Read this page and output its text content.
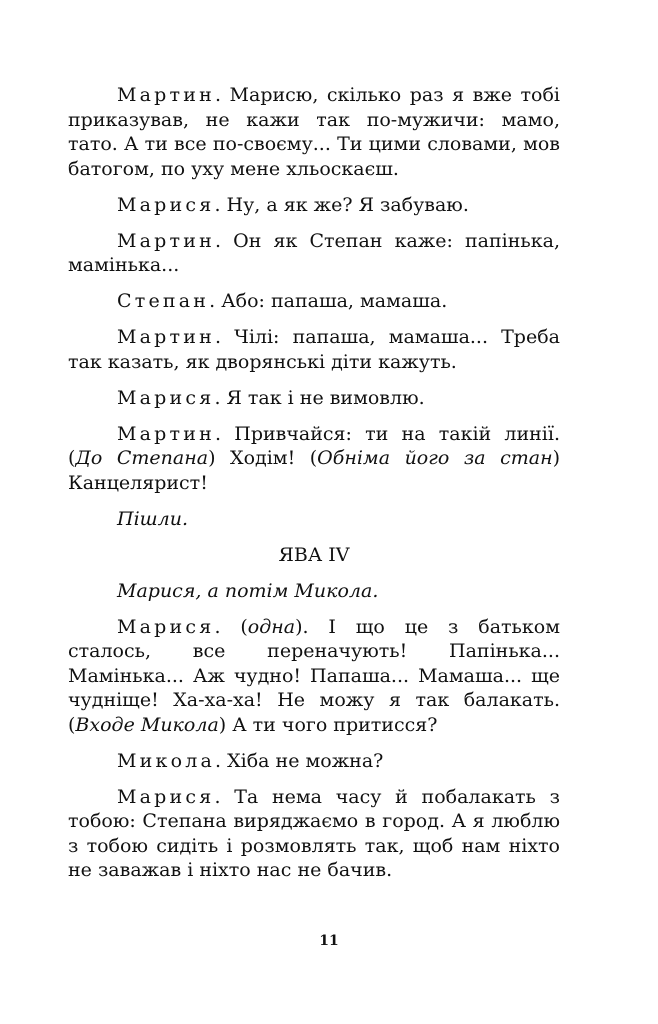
Мартин. Марисю, скілько раз я вже тобі приказував, не кажи так по-мужичи: мамо, тато. А ти все по-своєму... Ти цими словами, мов батогом, по уху мене хльоскаєш.

Марися. Ну, а як же? Я забуваю.

Мартин. Он як Степан каже: папінька, мамінька...

Степан. Або: папаша, мамаша.

Мартин. Чілі: папаша, мамаша... Треба так казать, як дворянські діти кажуть.

Марися. Я так і не вимовлю.

Мартин. Привчайся: ти на такій линії. (До Степана) Ходім! (Обніма його за стан) Канцелярист!

Пішли.

ЯВА IV

Марися, а потім Микола.

Марися. (одна). І що це з батьком сталось, все переначують! Папінька... Мамінька... Аж чудно! Папаша... Мамаша... ще чудніще! Ха-ха-ха! Не можу я так балакать. (Входе Микола) А ти чого притисся?

Микола. Хіба не можна?

Марися. Та нема часу й побалакать з тобою: Степана виряджаємо в город. А я люблю з тобою сидіть і розмовлять так, щоб нам ніхто не заважав і ніхто нас не бачив.

11
